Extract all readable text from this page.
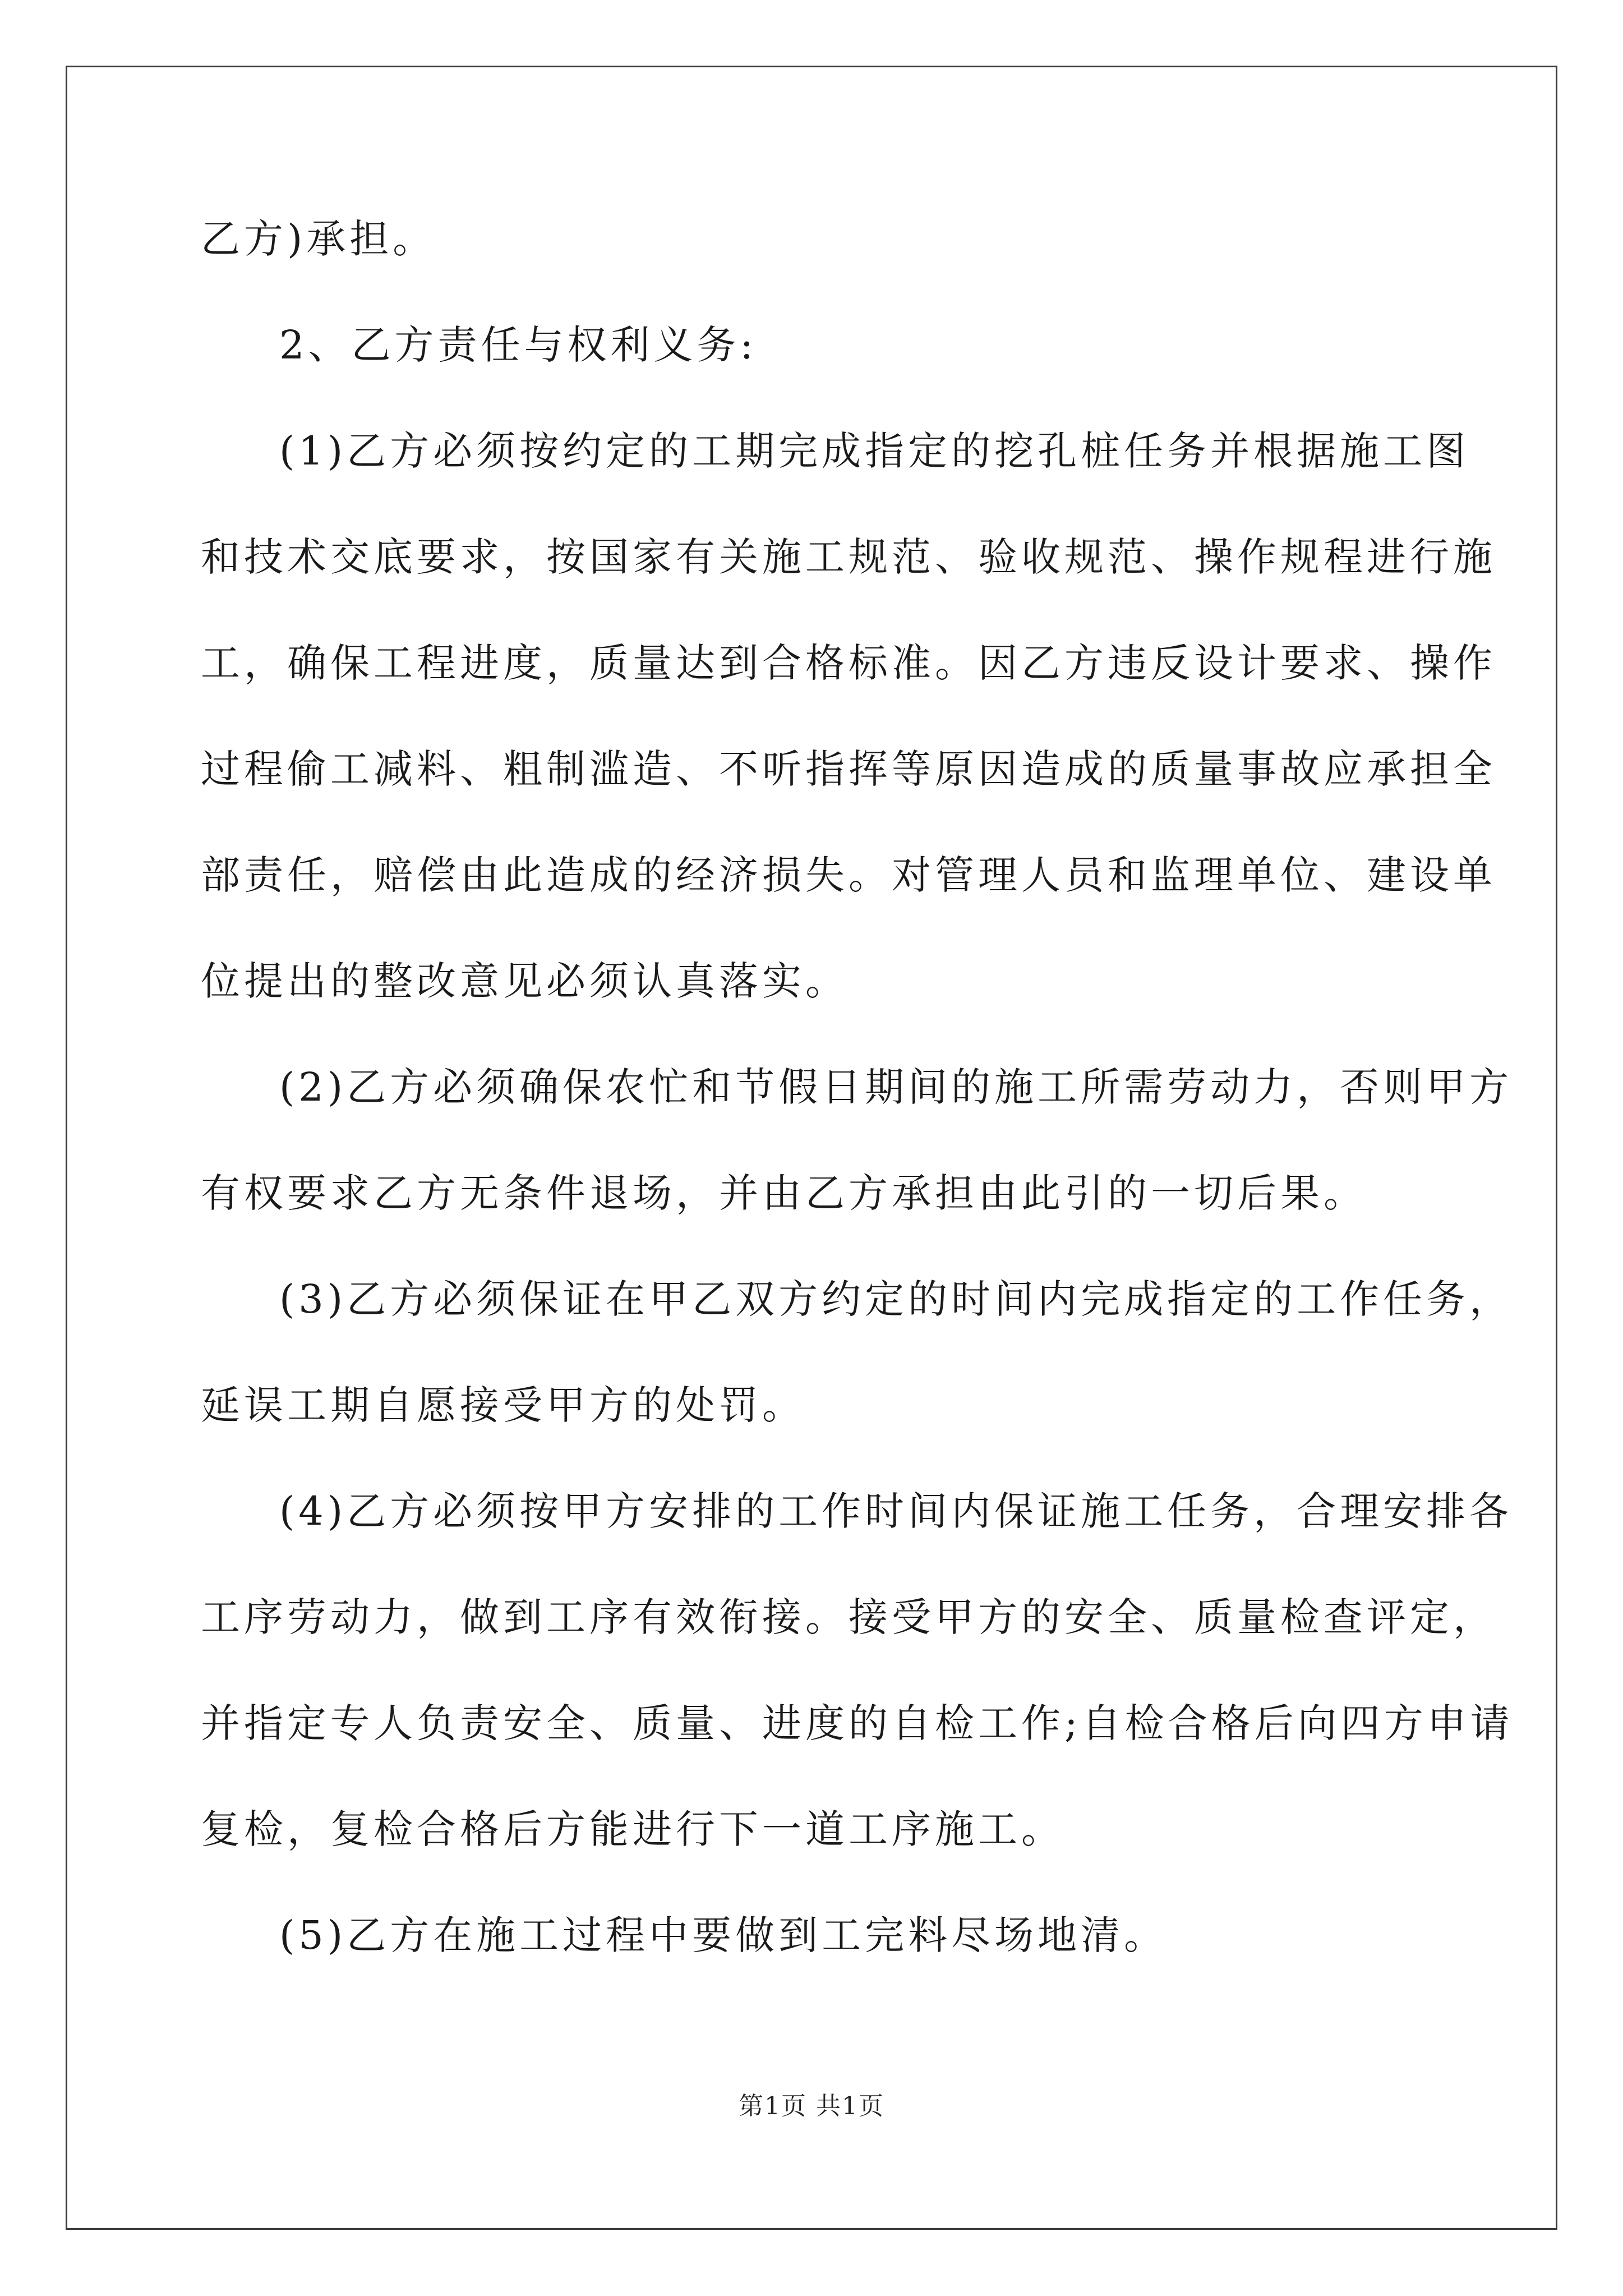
乙方)承担。
2、乙方责任与权利义务:
(1)乙方必须按约定的工期完成指定的挖孔桩任务并根据施工图
和技术交底要求，按国家有关施工规范、验收规范、操作规程进行施
工，确保工程进度，质量达到合格标准。因乙方违反设计要求、操作
过程偷工减料、粗制滥造、不听指挥等原因造成的质量事故应承担全
部责任，赔偿由此造成的经济损失。对管理人员和监理单位、建设单
位提出的整改意见必须认真落实。
(2)乙方必须确保农忙和节假日期间的施工所需劳动力，否则甲方
有权要求乙方无条件退场，并由乙方承担由此引的一切后果。
(3)乙方必须保证在甲乙双方约定的时间内完成指定的工作任务，
延误工期自愿接受甲方的处罚。
(4)乙方必须按甲方安排的工作时间内保证施工任务，合理安排各
工序劳动力，做到工序有效衔接。接受甲方的安全、质量检查评定，
并指定专人负责安全、质量、进度的自检工作;自检合格后向四方申请
复检，复检合格后方能进行下一道工序施工。
(5)乙方在施工过程中要做到工完料尽场地清。
第1页 共1页
